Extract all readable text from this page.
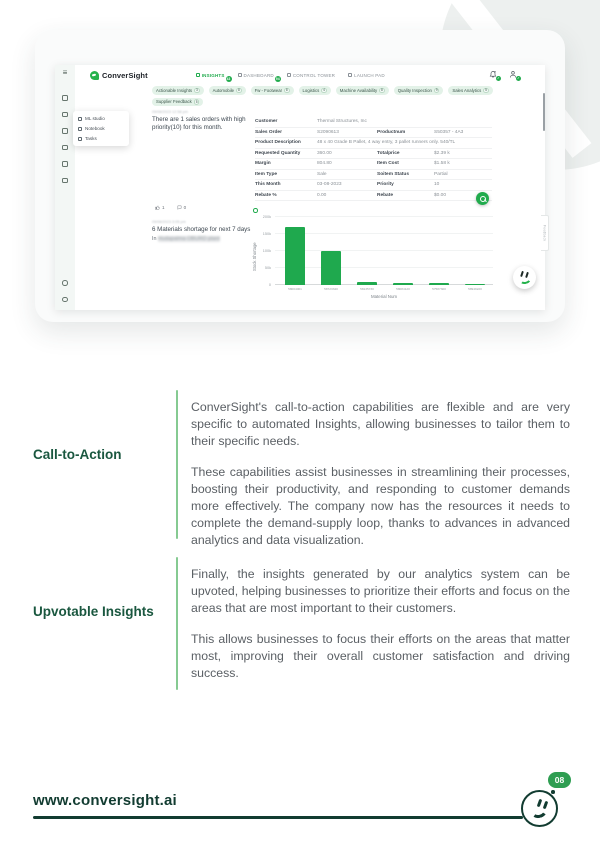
≡	ConverSight	INSIGHTS
43
DASHBOARD
94
CONTROL TOWER	LAUNCH PAD
✓	✓
Actionable Insights	3	Automobile	8	Fw - Footwear	8	Logistics	4	Machine Availability	8	Quality Inspection	9	Sales Analytics	5
Supplier Feedback	5
ML studio
Notebook
Tasks
09/08/2023 12:58 pm
There are 1 sales orders with high priority(10) for this month.
1	0
Customer	Thermal Structures, Inc
Sales Order	S2090613	Productnum	S50357 - 4A3
Product Description	48 x 40 Grade B Pallet, 4 way entry, 3 pallet runners only. 540/TL
Requested Quantity	360.00	Totalprice	$2.39 k
Margin	804.80	Item Cost	$1.58 k
Item Type	Sale	Soitem Status	Partial
This Month	03-08-2023	Priority	10
Rebate %	0.00	Rebate	$0.00
09/08/2023 3:05 pm
6 Materials shortage for next 7 days
In Hudapalma OBURD plant
Stock Shortage
0
50k
100k
150k
200k
Material Num
58004001	58723340	58135730	58084120	57587300	58949220
Feedback
Call-to-Action

ConverSight's call-to-action capabilities are flexible and are very specific to automated Insights, allowing businesses to tailor them to their specific needs.

These capabilities assist businesses in streamlining their processes, boosting their productivity, and responding to customer demands more effectively. The company now has the resources it needs to complete the demand-supply loop, thanks to advances in advanced analytics and data visualization.

Upvotable Insights

Finally, the insights generated by our analytics system can be upvoted, helping businesses to prioritize their efforts and focus on the areas that are most important to their customers.

This allows businesses to focus their efforts on the areas that matter most, improving their overall customer satisfaction and driving success.

www.conversight.ai
08
